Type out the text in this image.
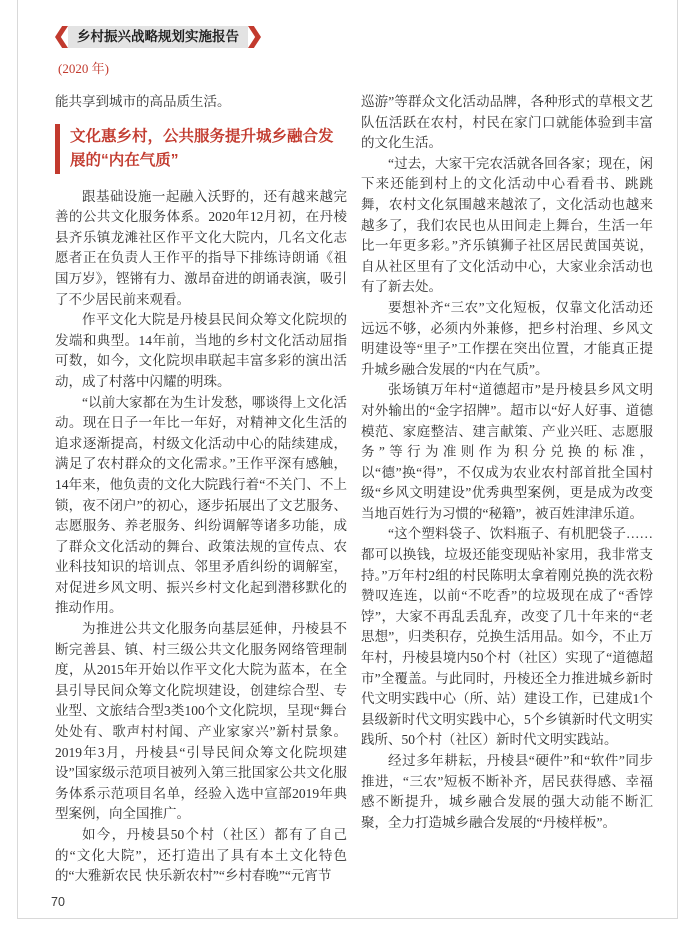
乡村振兴战略规划实施报告
(2020 年)

能共享到城市的高品质生活。

文化惠乡村，公共服务提升城乡融合发展的“内在气质”

跟基础设施一起融入沃野的，还有越来越完善的公共文化服务体系。2020年12月初，在丹棱县齐乐镇龙滩社区作平文化大院内，几名文化志愿者正在负责人王作平的指导下排练诗朗诵《祖国万岁》，铿锵有力、激昂奋进的朗诵表演，吸引了不少居民前来观看。

作平文化大院是丹棱县民间众筹文化院坝的发端和典型。14年前，当地的乡村文化活动屈指可数，如今，文化院坝串联起丰富多彩的演出活动，成了村落中闪耀的明珠。

“以前大家都在为生计发愁，哪谈得上文化活动。现在日子一年比一年好，对精神文化生活的追求逐渐提高，村级文化活动中心的陆续建成，满足了农村群众的文化需求。”王作平深有感触，14年来，他负责的文化大院践行着“不关门、不上锁，夜不闭户”的初心，逐步拓展出了文艺服务、志愿服务、养老服务、纠纷调解等诸多功能，成了群众文化活动的舞台、政策法规的宣传点、农业科技知识的培训点、邻里矛盾纠纷的调解室，对促进乡风文明、振兴乡村文化起到潜移默化的推动作用。

为推进公共文化服务向基层延伸，丹棱县不断完善县、镇、村三级公共文化服务网络管理制度，从2015年开始以作平文化大院为蓝本，在全县引导民间众筹文化院坝建设，创建综合型、专业型、文旅结合型3类100个文化院坝，呈现“舞台处处有、歌声村村闻、产业家家兴”新村景象。2019年3月，丹棱县“引导民间众筹文化院坝建设”国家级示范项目被列入第三批国家公共文化服务体系示范项目名单，经验入选中宣部2019年典型案例，向全国推广。

如今，丹棱县50个村（社区）都有了自己的“文化大院”，还打造出了具有本土文化特色的“大雅新农民 快乐新农村”“乡村春晚”“元宵节

巡游”等群众文化活动品牌，各种形式的草根文艺队伍活跃在农村，村民在家门口就能体验到丰富的文化生活。

“过去，大家干完农活就各回各家；现在，闲下来还能到村上的文化活动中心看看书、跳跳舞，农村文化氛围越来越浓了，文化活动也越来越多了，我们农民也从田间走上舞台，生活一年比一年更多彩。”齐乐镇狮子社区居民黄国英说，自从社区里有了文化活动中心，大家业余活动也有了新去处。

要想补齐“三农”文化短板，仅靠文化活动还远远不够，必须内外兼修，把乡村治理、乡风文明建设等“里子”工作摆在突出位置，才能真正提升城乡融合发展的“内在气质”。

张场镇万年村“道德超市”是丹棱县乡风文明对外输出的“金字招牌”。超市以“好人好事、道德模范、家庭整洁、建言献策、产业兴旺、志愿服务”等行为准则作为积分兑换的标准，以“德”换“得”，不仅成为农业农村部首批全国村级“乡风文明建设”优秀典型案例，更是成为改变当地百姓行为习惯的“秘籍”，被百姓津津乐道。

“这个塑料袋子、饮料瓶子、有机肥袋子……都可以换钱，垃圾还能变现贴补家用，我非常支持。”万年村2组的村民陈明太拿着刚兑换的洗衣粉赞叹连连，以前“不吃香”的垃圾现在成了“香饽饽”，大家不再乱丢乱弃，改变了几十年来的“老思想”，归类积存，兑换生活用品。如今，不止万年村，丹棱县境内50个村（社区）实现了“道德超市”全覆盖。与此同时，丹棱还全力推进城乡新时代文明实践中心（所、站）建设工作，已建成1个县级新时代文明实践中心，5个乡镇新时代文明实践所、50个村（社区）新时代文明实践站。

经过多年耕耘，丹棱县“硬件”和“软件”同步推进，“三农”短板不断补齐，居民获得感、幸福感不断提升，城乡融合发展的强大动能不断汇聚，全力打造城乡融合发展的“丹棱样板”。

70
